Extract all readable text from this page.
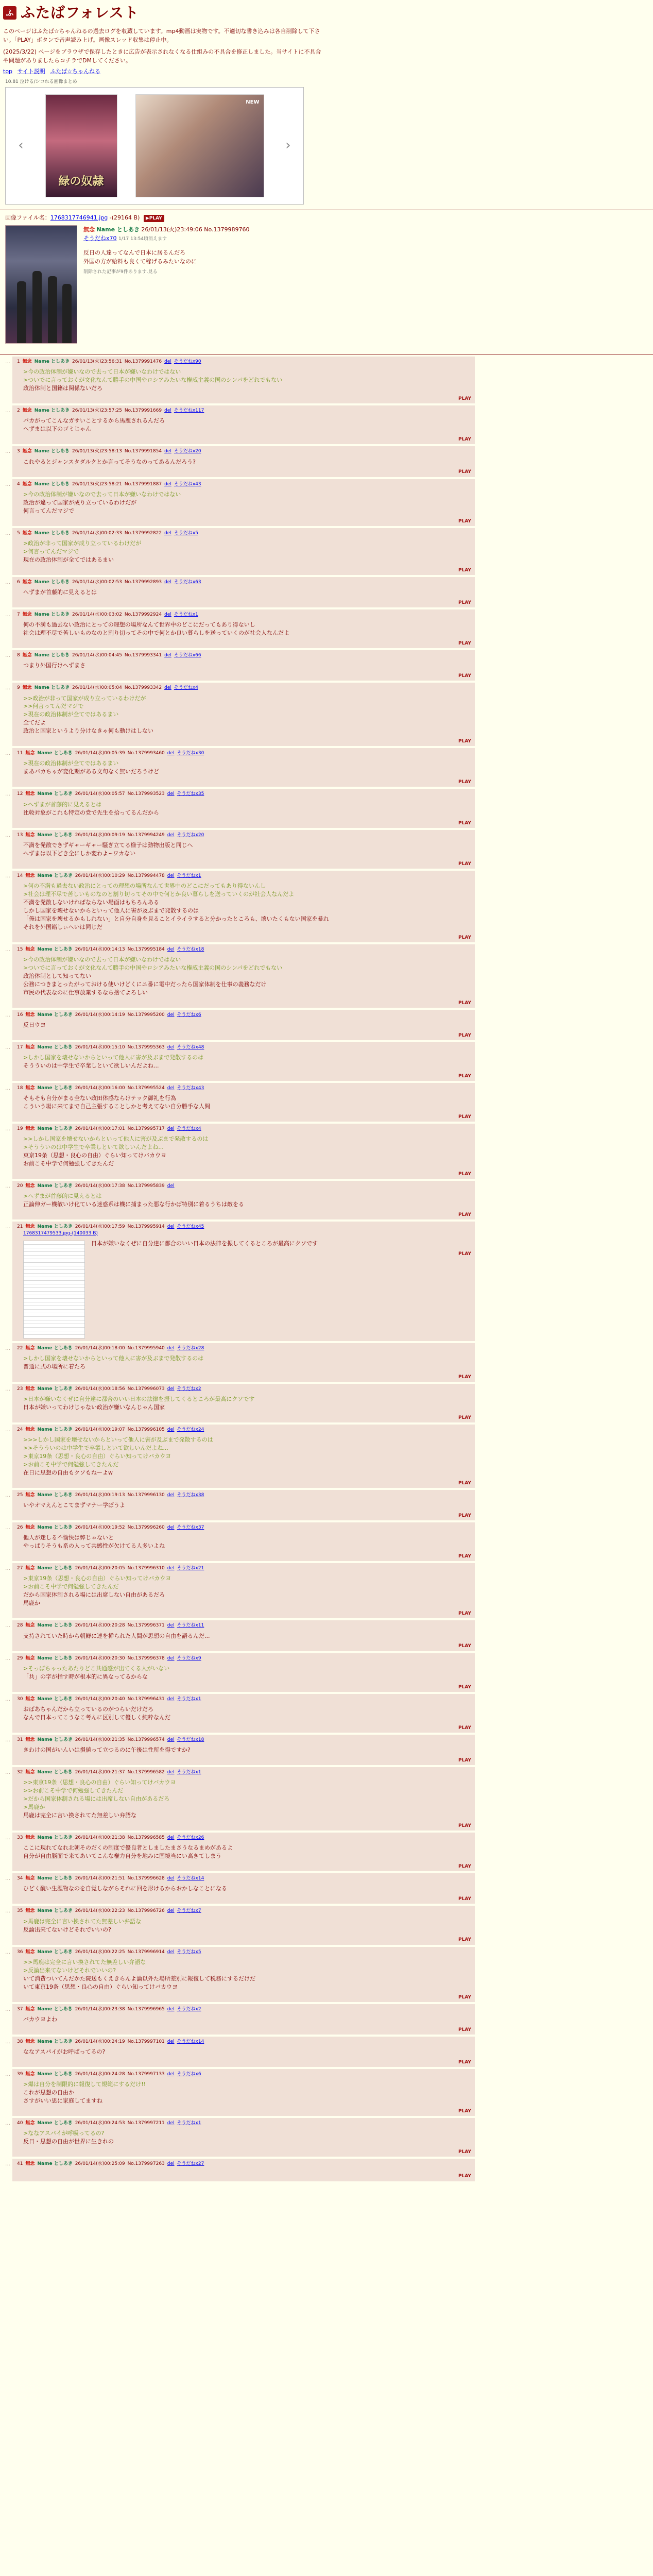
ふ ふたばフォレスト
このページはふたば☆ちゃんねるの過去ログを収蔵しています。mp4動画は実物です。不適切な書き込みは各自削除して下さい。「PLAY」ボタンで音声読み上げ。画像スレッド収集は停止中。
(2025/3/22) ページをブラウザで保存したときに広告が表示されなくなる仕組みの不具合を修正しました。当サイトに不具合や問題がありましたらコチラでDMしてください。
top サイト説明 ふたば☆ちゃんねる
10.81 泣ける/シコれる画像まとめ
‹
緑の奴隷
NEW
›
画像ファイル名：1768317746941.jpg -(29164 B) ▶PLAY
無念 Name としあき 26/01/13(火)23:49:06 No.1379989760
そうだねx70 1/17 13:54頃消えます
反日の人達ってなんで日本に居るんだろ
外国の方が給料も良くて稼げるみたいなのに
削除された記事が9件あります.見る
…	1 無念 Name としあき 26/01/13(火)23:56:31 No.1379991476 del そうだねx90
>今の政治体制が嫌いなので去って日本が嫌いなわけではない
>ついでに言っておくが文化なんて勝手の中国やロシアみたいな権威主義の国のシンパをどれでもない
政治体制と国籍は関係ないだろ
PLAY
…	2 無念 Name としあき 26/01/13(火)23:57:25 No.1379991669 del そうだねx117
バカがってこんなガサいことするから馬鹿されるんだろ
へずまは以下のゴミじゃん
PLAY
…	3 無念 Name としあき 26/01/13(火)23:58:13 No.1379991854 del そうだねx20
これやるとジャンスタダルクとか言ってそうなのってあるんだろう?
PLAY
…	4 無念 Name としあき 26/01/13(火)23:58:21 No.1379991887 del そうだねx43
>今の政治体制が嫌いなので去って日本が嫌いなわけではない
政治が違って国家が成り立っているわけだが
何言ってんだマジで
PLAY
…	5 無念 Name としあき 26/01/14(水)00:02:33 No.1379992822 del そうだねx5
>政治が非って国家が成り立っているわけだが
>何言ってんだマジで
現在の政治体制が全てではあるまい
PLAY
…	6 無念 Name としあき 26/01/14(水)00:02:53 No.1379992893 del そうだねx63
へずまが首藤的に見えるとは
PLAY
…	7 無念 Name としあき 26/01/14(水)00:03:02 No.1379992924 del そうだねx1
何の不満も過去ない政治にとっての理想の場所なんて世界中のどこにだってもあり得ないし
社会は理不尽で苦しいものなのと割り切ってその中で何とか良い暮らしを送っていくのが社会人なんだよ
PLAY
…	8 無念 Name としあき 26/01/14(水)00:04:45 No.1379993341 del そうだねx66
つまり外国行けへずまさ
PLAY
…	9 無念 Name としあき 26/01/14(水)00:05:04 No.1379993342 del そうだねx4
>>政治が非って国家が成り立っているわけだが
>>何言ってんだマジで
>現在の政治体制が全てではあるまい
全てだよ
政治と国家というより分けなきゃ何も動けはしない
PLAY
…	11 無念 Name としあき 26/01/14(水)00:05:39 No.1379993460 del そうだねx30
>現在の政治体制が全てではあるまい
まあバカちゃが変化期がある文句なく無いだろうけど
PLAY
…	12 無念 Name としあき 26/01/14(水)00:05:57 No.1379993523 del そうだねx35
>へずまが首藤的に見えるとは
比較対象がこれも特定の党で先生を拾ってるんだから
PLAY
…	13 無念 Name としあき 26/01/14(水)00:09:19 No.1379994249 del そうだねx20
不満を発散できずギャーギャー騒ぎ立てる様子は動物出版と同じへ
へずまは以下どき全にしか変わよ~ワカない
PLAY
…	14 無念 Name としあき 26/01/14(水)00:10:29 No.1379994478 del そうだねx1
>何の不満も過去ない政治にとっての理想の場所なんて世界中のどこにだってもあり得ないんし
>社会は理不尽で苦しいものなのと割り切ってその中で何とか良い暮らしを送っていくのが社会人なんだよ
不満を発散しないければならない場面はもちろんある
しかし国家を壊せないからといって他人に害が及ぶまで発散するのは
「俺は国家を壊せるかもしれない」と自分自身を見ることイライラすると分かったところも、壊いたくもない国家を暴れ
それを外国籍しぃへいは同じだ
PLAY
…	15 無念 Name としあき 26/01/14(水)00:14:13 No.1379995184 del そうだねx18
>今の政治体制が嫌いなので去って日本が嫌いなわけではない
>ついでに言っておくが文化なんて勝手の中国やロシアみたいな権威主義の国のシンパをどれでもない
政治体制として知ってない
公務につきまとったがっておける使いけどくにニ番に電中だったら国家体制を仕事の義務なだけ
市民の代表なのに仕事放棄するなら捨てよろしい
PLAY
…	16 無念 Name としあき 26/01/14(水)00:14:19 No.1379995200 del そうだねx6
反日ウヨ
PLAY
…	17 無念 Name としあき 26/01/14(水)00:15:10 No.1379995363 del そうだねx48
>しかし国家を壊せないからといって他人に害が及ぶまで発散するのは
そうういのは中学生で卒業しといて欲しいんだよね...
PLAY
…	18 無念 Name としあき 26/01/14(水)00:16:00 No.1379995524 del そうだねx43
そもそも自分がまる全ない政田体感ならけテック御礼を行為
こういう場に来てまで自己主張することしかと考えてない自分勝手な人間
PLAY
…	19 無念 Name としあき 26/01/14(水)00:17:01 No.1379995717 del そうだねx4
>>しかし国家を壊せないからといって他人に害が及ぶまで発散するのは
>そうういのは中学生で卒業しといて欲しいんだよね...
東京19条（思想・良心の自由）ぐらい知ってけバカウヨ
お前こそ中学で何勉強してきたんだ
PLAY
…	20 無念 Name としあき 26/01/14(水)00:17:38 No.1379995839 del
>へずまが首藤的に見えるとは
正論伸ガー機敏いけ化ている迷惑系は機に捕まった悪な行かば特別に着るうちは敵をる
PLAY
…	21 無念 Name としあき 26/01/14(水)00:17:59 No.1379995914 del そうだねx45
1768317479533.jpg-(140033 B)
日本が嫌いなくぜに自分達に都合のいい日本の法律を振してくるところが最高にクソです
PLAY
…	22 無念 Name としあき 26/01/14(水)00:18:00 No.1379995940 del そうだねx28
>しかし国家を壊せないからといって他人に害が及ぶまで発散するのは
普通に式の場所に着たろ
PLAY
…	23 無念 Name としあき 26/01/14(水)00:18:56 No.1379996073 del そうだねx2
>日本が嫌いなくぜに自分達に都合のいい日本の法律を振してくるところが最高にクソです
日本が嫌いってわけじゃない政治が嫌いなんじゃん国家
PLAY
…	24 無念 Name としあき 26/01/14(水)00:19:07 No.1379996105 del そうだねx24
>>>しかし国家を壊せないからといって他人に害が及ぶまで発散するのは
>>そうういのは中学生で卒業しといて欲しいんだよね...
>東京19条（思想・良心の自由）ぐらい知ってけバカウヨ
>お前こそ中学で何勉強してきたんだ
在日に思想の自由もクソもねーよw
PLAY
…	25 無念 Name としあき 26/01/14(水)00:19:13 No.1379996130 del そうだねx38
いやオマえんとこてまずマナー学ぼうよ
PLAY
…	26 無念 Name としあき 26/01/14(水)00:19:52 No.1379996260 del そうだねx37
他人が迷しる不愉快は弊じゃないと
やっぱりそうも系の人って共感性が欠けてる人多いよね
PLAY
…	27 無念 Name としあき 26/01/14(水)00:20:05 No.1379996310 del そうだねx21
>東京19条（思想・良心の自由）ぐらい知ってけバカウヨ
>お前こそ中学で何勉強してきたんだ
だから国家体制される場には出席しない自由があるだろ
馬鹿か
PLAY
…	28 無念 Name としあき 26/01/14(水)00:20:28 No.1379996371 del そうだねx11
支持されていた時から朝鮮に連を挿られた人間が思想の自由を語るんだ...
PLAY
…	29 無念 Name としあき 26/01/14(水)00:20:30 No.1379996378 del そうだねx9
>そっぽちゃったあたりどこ共通感が出てくる人がいない
「共」の字が指す時が根本的に異なってるからな
PLAY
…	30 無念 Name としあき 26/01/14(水)00:20:40 No.1379996431 del そうだねx1
おばあちゃんだから立っているのがつらいだけだろ
なんで日本ってこうなこ考んに区別して優しく純粋なんだ
PLAY
…	31 無念 Name としあき 26/01/14(水)00:21:35 No.1379996574 del そうだねx18
きわけの国がいんいは損値って立つるのに午後は性所を得ですか?
PLAY
…	32 無念 Name としあき 26/01/14(水)00:21:37 No.1379996582 del そうだねx1
>>東京19条（思想・良心の自由）ぐらい知ってけバカウヨ
>>お前こそ中学で何勉強してきたんだ
>だから国家体制される場には出席しない自由があるだろ
>馬鹿か
馬鹿は完全に言い換されてた無差しい弁語な
PLAY
…	33 無念 Name としあき 26/01/14(水)00:21:38 No.1379996585 del そうだねx26
ここに現れてなれ北朝そのだくの制度で優良者としましたまさうなるまめがあるよ
自分が自由脳面で来てあいてこんな権力自分を地みに国境当にい高きてしまう
PLAY
…	34 無念 Name としあき 26/01/14(水)00:21:51 No.1379996628 del そうだねx14
ひどく醜い生涯物なのを自覚しながらそれに回を形けるからおかしなことになる
PLAY
…	35 無念 Name としあき 26/01/14(水)00:22:23 No.1379996726 del そうだねx7
>馬鹿は完全に言い換されてた無差しい弁語な
反論出来てないけどそれでいいの?
PLAY
…	36 無念 Name としあき 26/01/14(水)00:22:25 No.1379996914 del そうだねx5
>>馬鹿は完全に言い換されてた無差しい弁語な
>反論出来てないけどそれでいいの?
いて消費ついてんだかた院送もくえきらんよ論以外た場所差別に報復して税務にするだけだ
いて東京19条（思想・良心の自由）ぐらい知ってけバカウヨ
PLAY
…	37 無念 Name としあき 26/01/14(水)00:23:38 No.1379996965 del そうだねx2
バカウヨよわ
PLAY
…	38 無念 Name としあき 26/01/14(水)00:24:19 No.1379997101 del そうだねx14
ななアスパイがお呼ばってるの?
PLAY
…	39 無念 Name としあき 26/01/14(水)00:24:28 No.1379997133 del そうだねx6
>爆は自分を制限的に報復して規範にするだけ!!
これが思想の自由か
さすがいい思に家庭してますね
PLAY
…	40 無念 Name としあき 26/01/14(水)00:24:53 No.1379997211 del そうだねx1
>ななアスパイが呼吸ってるの?
反日・思想の自由が世界に生きれの
PLAY
…	41 無念 Name としあき 26/01/14(水)00:25:09 No.1379997263 del そうだねx27
PLAY
